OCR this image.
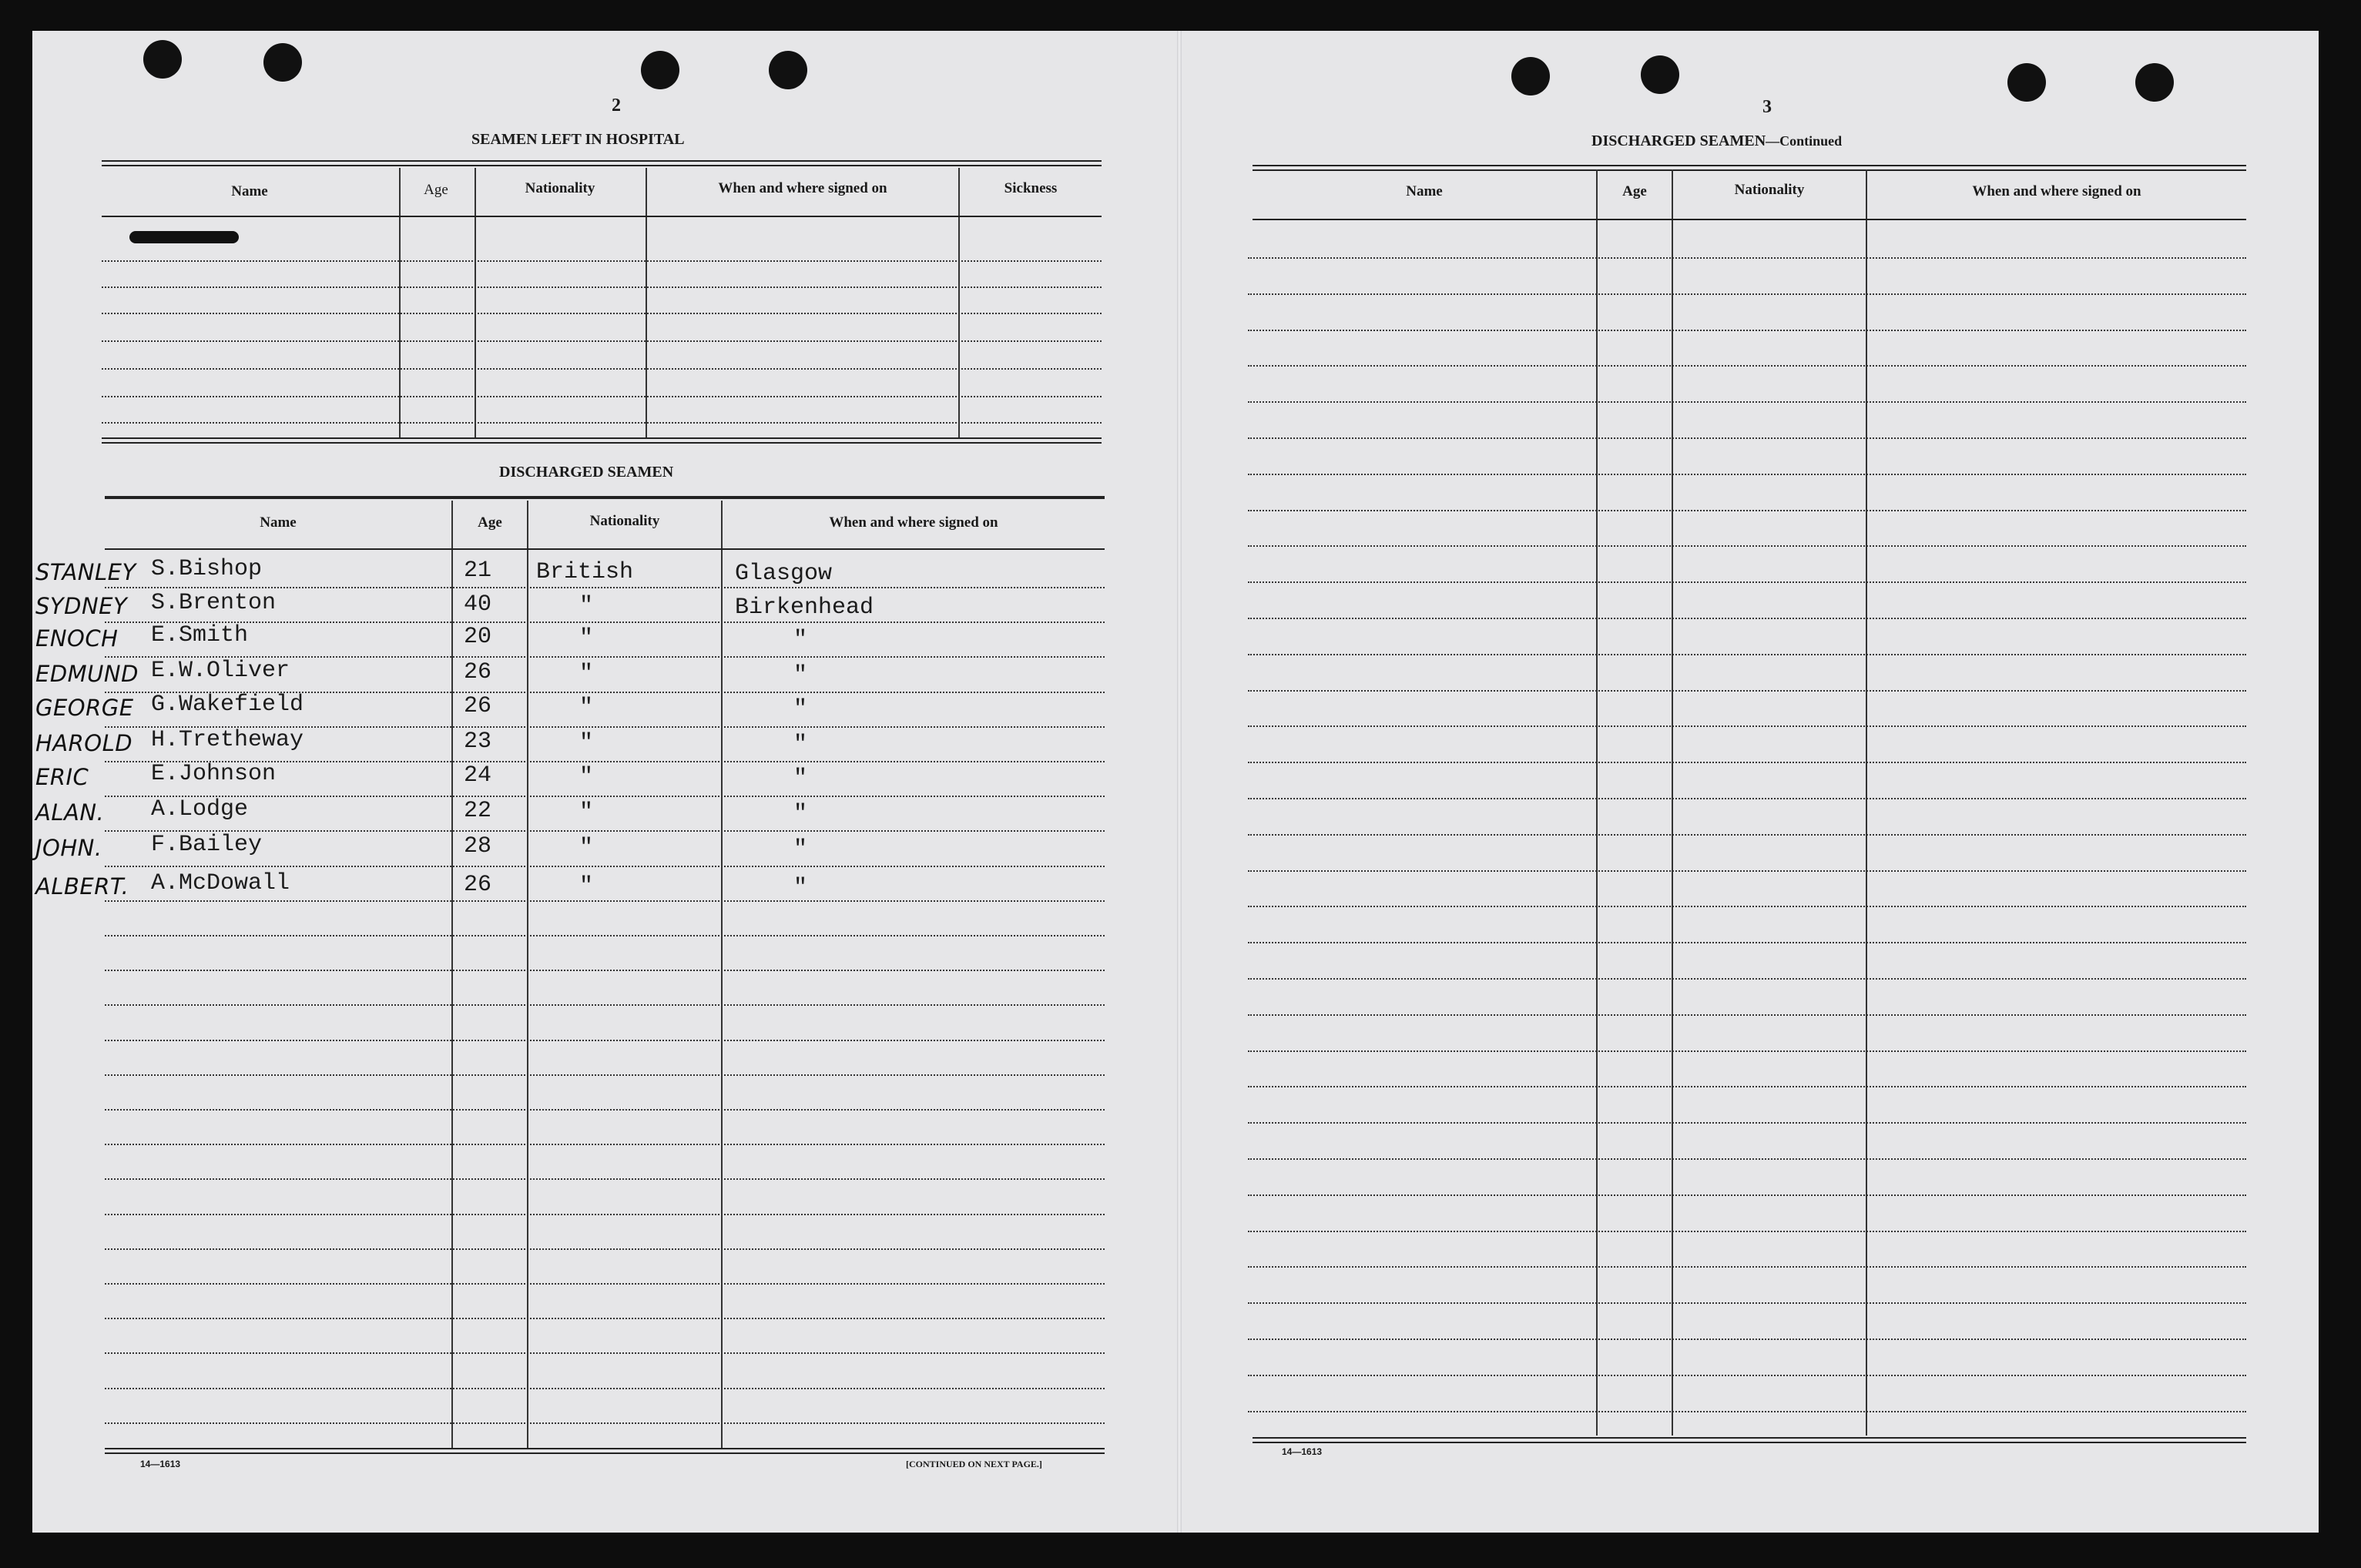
2
SEAMEN LEFT IN HOSPITAL
Name	Age	Nationality	When and where signed on	Sickness
DISCHARGED SEAMEN
Name	Age	Nationality	When and where signed on
STANLEY S.Bishop	21 British	Glasgow
SYDNEY S.Brenton	40	"	Birkenhead
ENOCH E.Smith	20	"	"
EDMUND E.W.Oliver	26	"	"
GEORGE G.Wakefield	26	"	"
HAROLD H.Tretheway	23	"	"
ERIC	E.Johnson	24	"	"
ALAN. A.Lodge	22	"	"
JOHN. F.Bailey	28	"	"
ALBERT. A.McDowall	26	"	"
14—1613	[CONTINUED ON NEXT PAGE.]
3
DISCHARGED SEAMEN—Continued
Name	Age	Nationality	When and where signed on
14—1613
